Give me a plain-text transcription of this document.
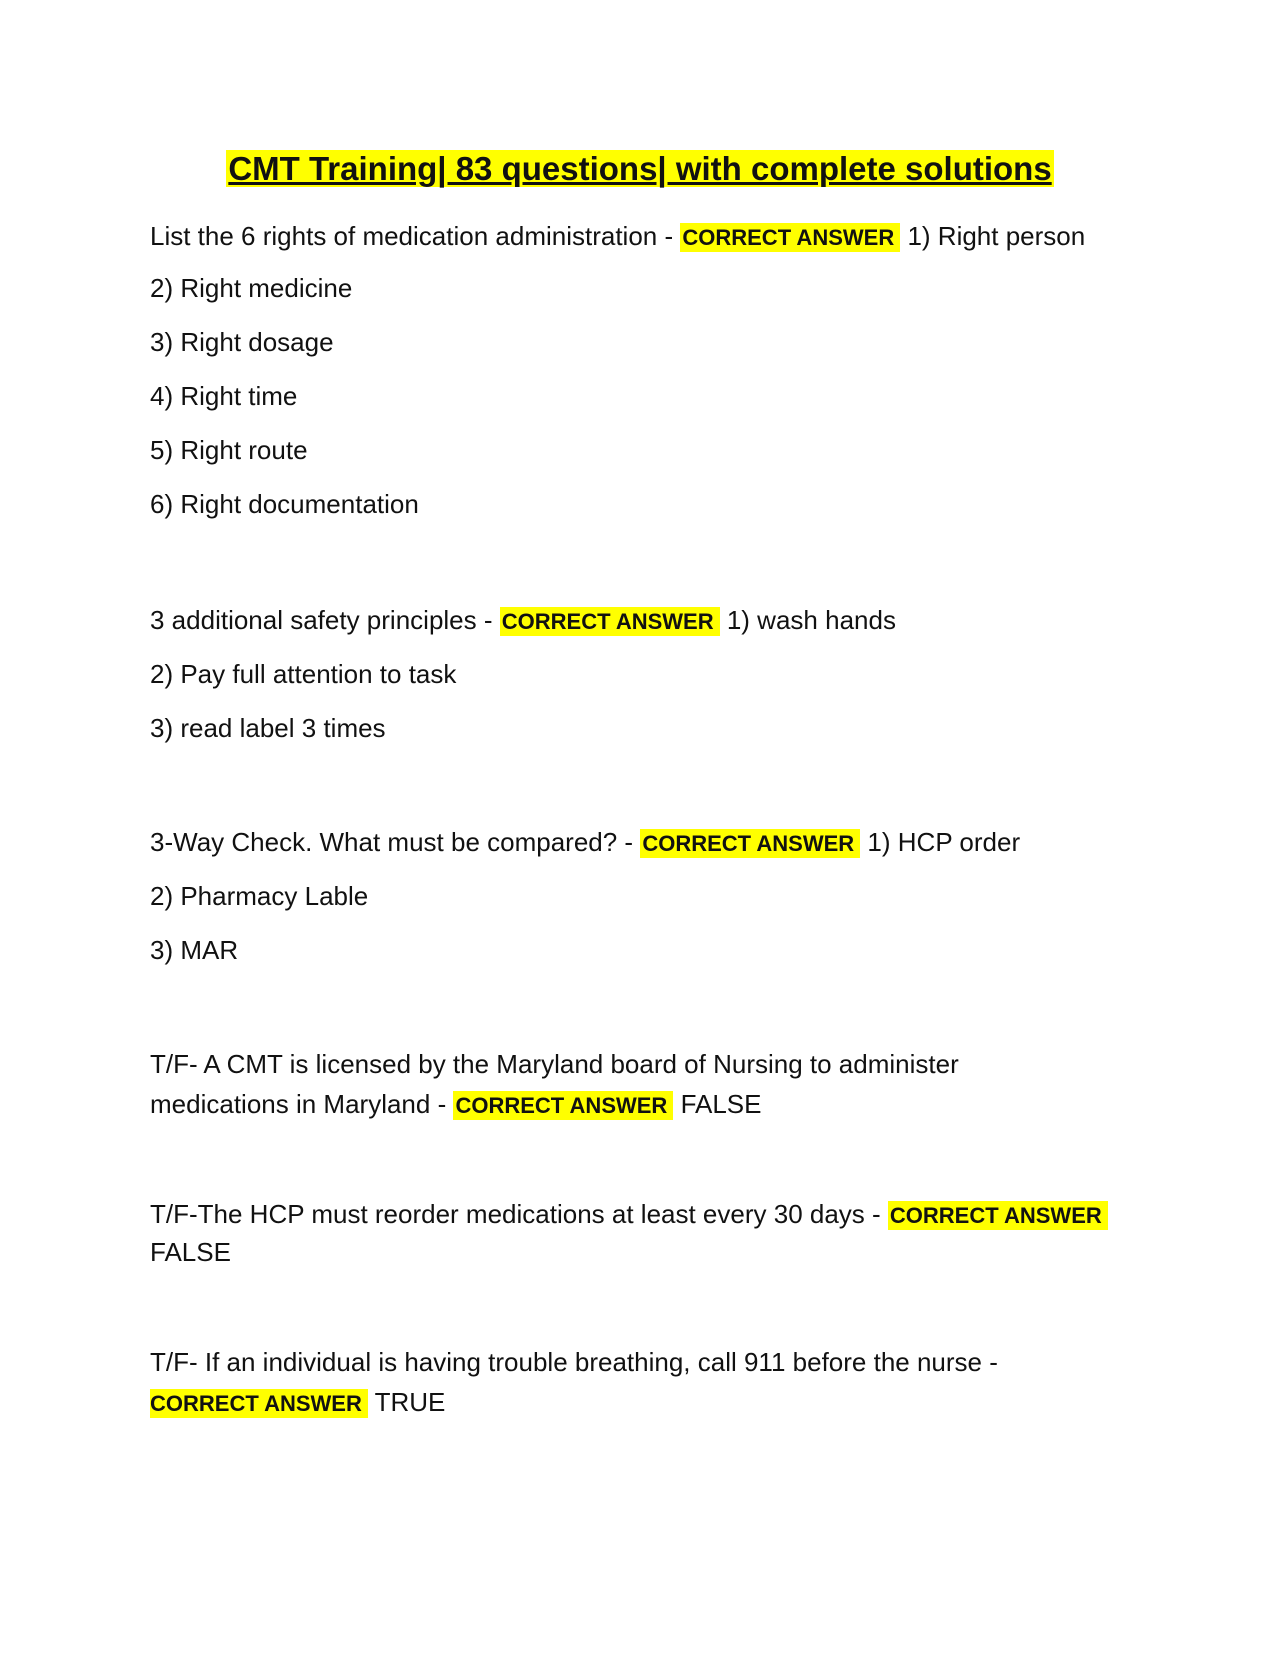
CMT Training| 83 questions| with complete solutions
List the 6 rights of medication administration - CORRECT ANSWER 1) Right person
2) Right medicine
3) Right dosage
4) Right time
5) Right route
6) Right documentation
3 additional safety principles - CORRECT ANSWER 1) wash hands
2) Pay full attention to task
3) read label 3 times
3-Way Check. What must be compared? - CORRECT ANSWER 1) HCP order
2) Pharmacy Lable
3) MAR
T/F- A CMT is licensed by the Maryland board of Nursing to administer
medications in Maryland - CORRECT ANSWER FALSE
T/F-The HCP must reorder medications at least every 30 days - CORRECT ANSWER
FALSE
T/F- If an individual is having trouble breathing, call 911 before the nurse -
CORRECT ANSWER TRUE
